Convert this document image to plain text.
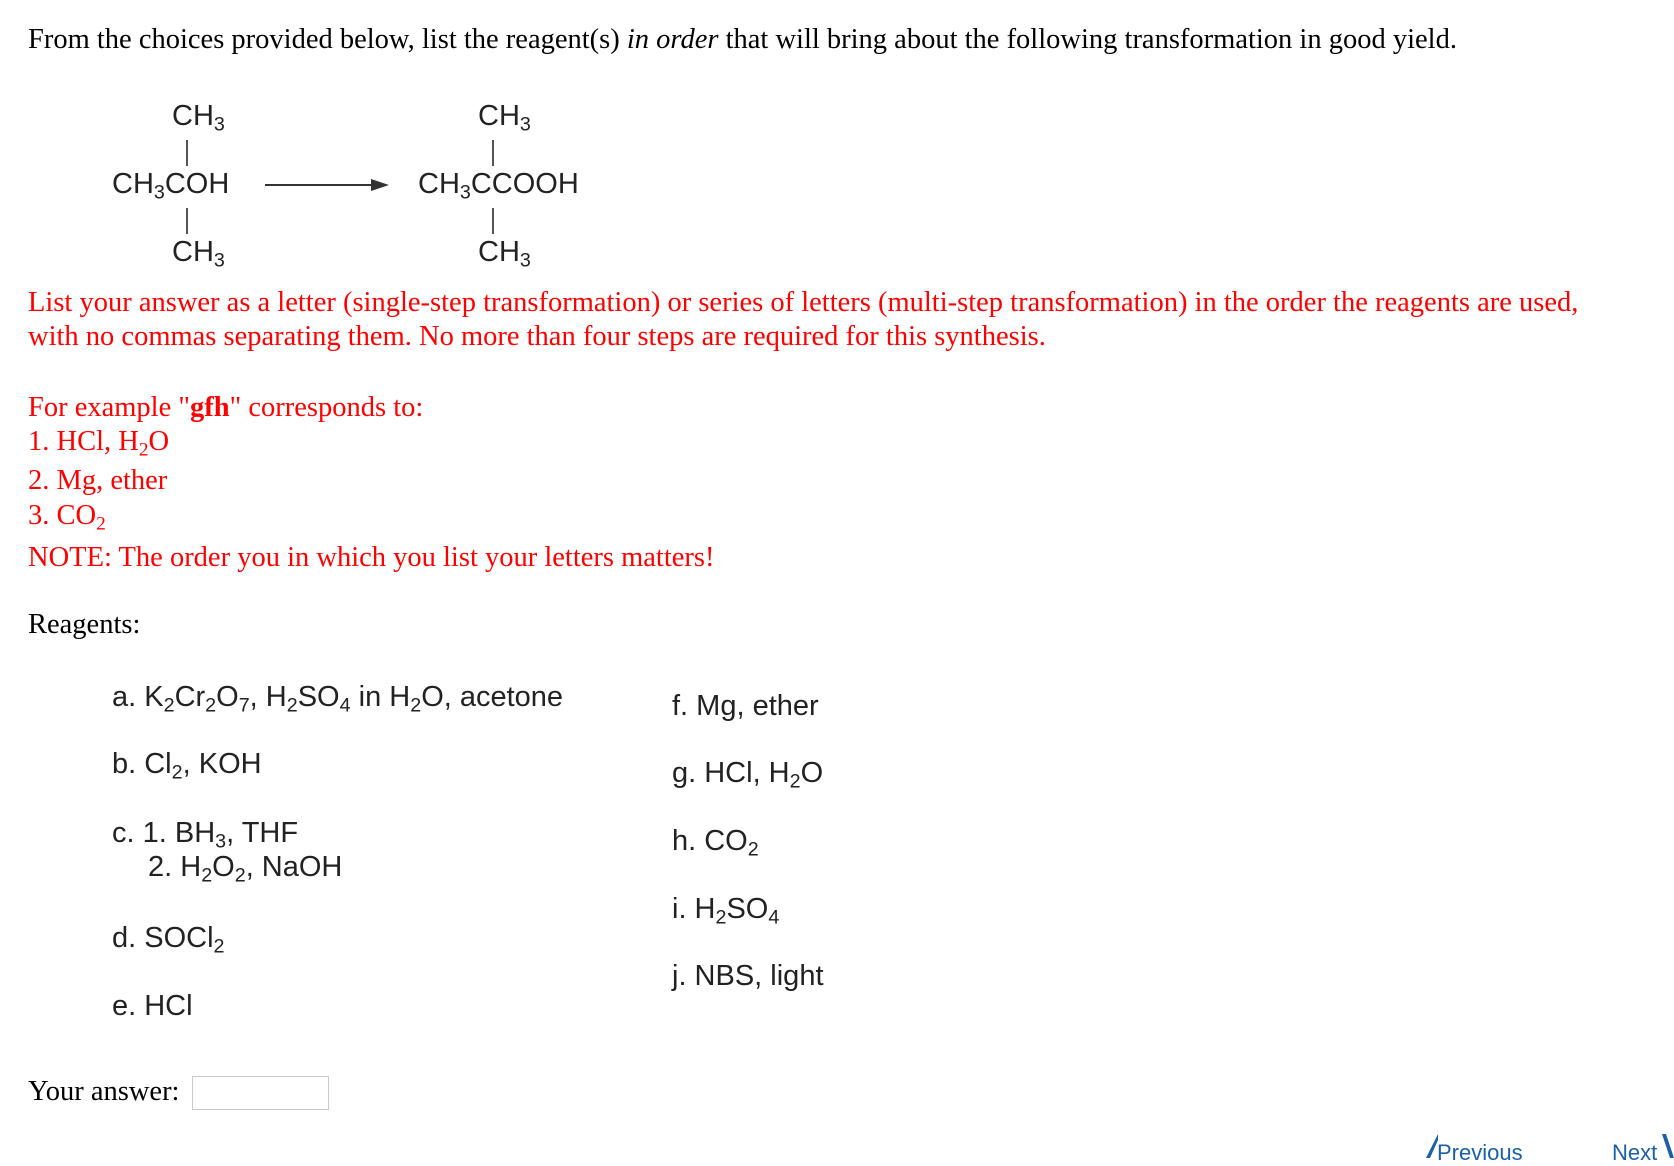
From the choices provided below, list the reagent(s) in order that will bring about the following transformation in good yield.
$CH_3$
$CH_3COH$
$CH_3$
$CH_3$
$CH_3CCOOH$
$CH_3$
List your answer as a letter (single-step transformation) or series of letters (multi-step transformation) in the order the reagents are used,
with no commas separating them. No more than four steps are required for this synthesis.
For example "gfh" corresponds to:
1. HCl, $H_2O$
2. Mg, ether
3. $CO_2$
NOTE: The order you in which you list your letters matters!
Reagents:
a. $K_2Cr_2O_7$, $H_2SO_4$ in $H_2O$, acetone
b. $Cl_2$, KOH
c. 1. $BH_3$, THF
2. $H_2O_2$, NaOH
d. SOCl$_2$
e. HCl
f. Mg, ether
g. HCl, $H_2O$
h. $CO_2$
i. $H_2SO_4$
j. NBS, light
Your answer:
Previous	Next
